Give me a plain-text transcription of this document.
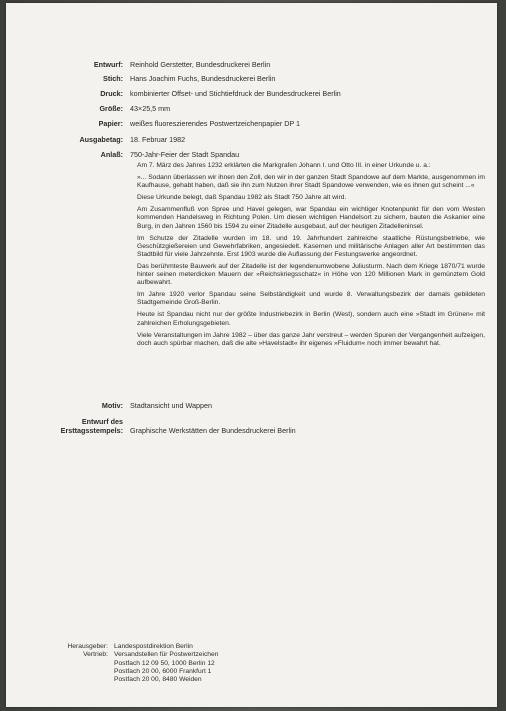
Entwurf: Reinhold Gerstetter, Bundesdruckerei Berlin
Stich: Hans Joachim Fuchs, Bundesdruckerei Berlin
Druck: kombinierter Offset- und Stichtiefdruck der Bundesdruckerei Berlin
Größe: 43×25,5 mm
Papier: weißes fluoreszierendes Postwertzeichenpapier DP 1
Ausgabetag: 18. Februar 1982
Anlaß: 750-Jahr-Feier der Stadt Spandau

Am 7. März des Jahres 1232 erklärten die Markgrafen Johann I. und Otto III. in einer Urkunde u. a.:

»... Sodann überlassen wir ihnen den Zoll, den wir in der ganzen Stadt Spandowe auf dem Markte, ausgenommen im Kaufhause, gehabt haben, daß sie ihn zum Nutzen ihrer Stadt Spandowe verwenden, wie es ihnen gut scheint ...«

Diese Urkunde belegt, daß Spandau 1982 als Stadt 750 Jahre alt wird.

Am Zusammenfluß von Spree und Havel gelegen, war Spandau ein wichtiger Knotenpunkt für den vom Westen kommenden Handelsweg in Richtung Polen. Um diesen wichtigen Handelsort zu sichern, bauten die Askanier eine Burg, in den Jahren 1560 bis 1594 zu einer Zitadelle ausgebaut, auf der heutigen Zitadelleninsel.

Im Schutze der Zitadelle wurden im 18. und 19. Jahrhundert zahlreiche staatliche Rüstungsbetriebe, wie Geschützgießereien und Gewehrfabriken, angesiedelt. Kasernen und militärische Anlagen aller Art bestimmten das Stadtbild für viele Jahrzehnte. Erst 1903 wurde die Auflassung der Festungswerke angeordnet.

Das berühmteste Bauwerk auf der Zitadelle ist der legendenumwobene Juliusturm. Nach dem Kriege 1870/71 wurde hinter seinen meterdicken Mauern der »Reichskriegsschatz« in Höhe von 120 Millionen Mark in gemünztem Gold aufbewahrt.

Im Jahre 1920 verlor Spandau seine Selbständigkeit und wurde 8. Verwaltungsbezirk der damals gebildeten Stadtgemeinde Groß-Berlin.

Heute ist Spandau nicht nur der größte Industriebezirk in Berlin (West), sondern auch eine »Stadt im Grünen« mit zahlreichen Erholungsgebieten.

Viele Veranstaltungen im Jahre 1982 – über das ganze Jahr verstreut – werden Spuren der Vergangenheit aufzeigen, doch auch spürbar machen, daß die alte »Havelstadt« ihr eigenes »Fluidum« noch immer bewahrt hat.

Motiv: Stadtansicht und Wappen
Entwurf des
Ersttagsstempels: Graphische Werkstätten der Bundesdruckerei Berlin
Herausgeber: Landespostdirektion Berlin
Vertrieb: Versandstellen für Postwertzeichen
Postfach 12 09 50, 1000 Berlin 12
Postfach 20 00, 6000 Frankfurt 1
Postfach 20 00, 8480 Weiden
